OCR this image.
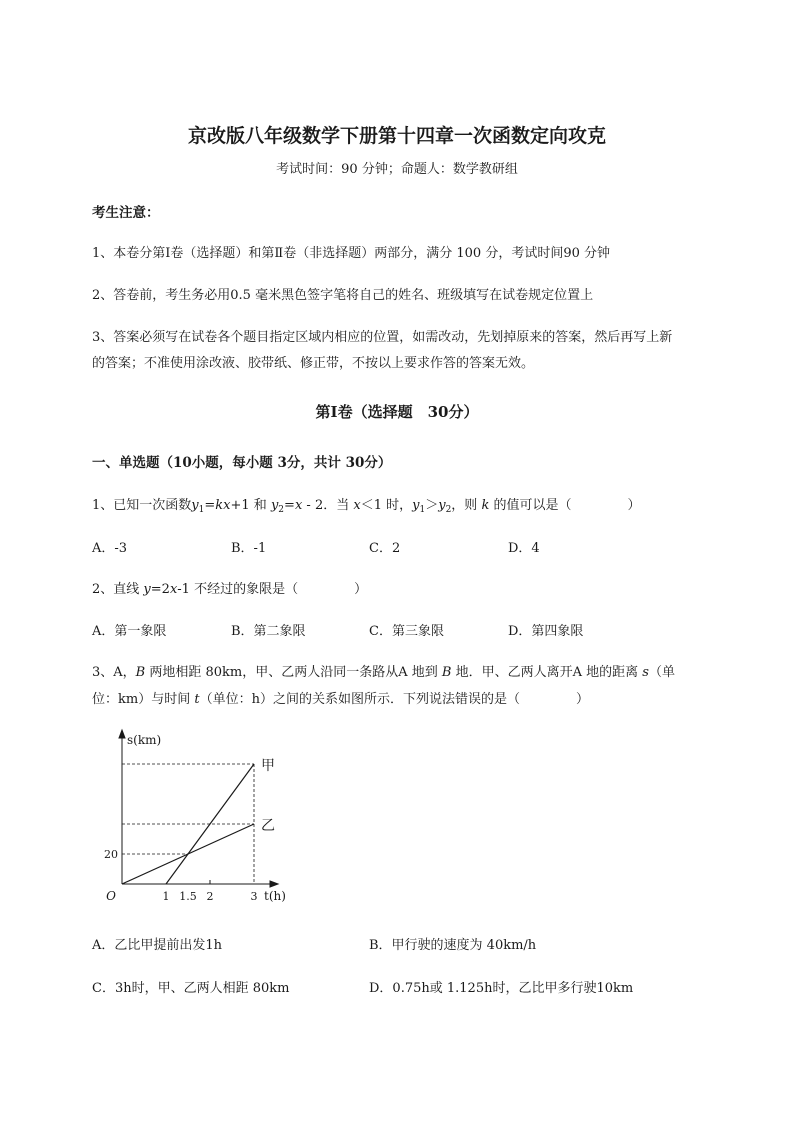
京改版八年级数学下册第十四章一次函数定向攻克
考试时间：90 分钟；命题人：数学教研组
考生注意：
1、本卷分第Ⅰ卷（选择题）和第Ⅱ卷（非选择题）两部分，满分 100 分，考试时间90 分钟
2、答卷前，考生务必用0.5 毫米黑色签字笔将自己的姓名、班级填写在试卷规定位置上
3、答案必须写在试卷各个题目指定区域内相应的位置，如需改动，先划掉原来的答案，然后再写上新
的答案；不准使用涂改液、胶带纸、修正带，不按以上要求作答的答案无效。
第Ⅰ卷（选择题　30分）
一、单选题（10小题，每小题 3分，共计 30分）
1、已知一次函数$y_1=kx+1$ 和 $y_2=x - 2$．当 x＜1 时，$y_1>y_2$，则 k 的值可以是（	）
A．-3	B．-1	C．2	D．4
2、直线 y=2x-1 不经过的象限是（	）
A．第一象限	B．第二象限	C．第三象限	D．第四象限
3、A，B 两地相距 80km，甲、乙两人沿同一条路从A 地到 B 地．甲、乙两人离开A 地的距离 s（单
位：km）与时间 t（单位：h）之间的关系如图所示．下列说法错误的是（	）
甲
乙
1 1.5 2	3
20
O	t(h)
s(km)
A．乙比甲提前出发1h	B．甲行驶的速度为 40km/h
C．3h时，甲、乙两人相距 80km	D．0.75h或 1.125h时，乙比甲多行驶10km
